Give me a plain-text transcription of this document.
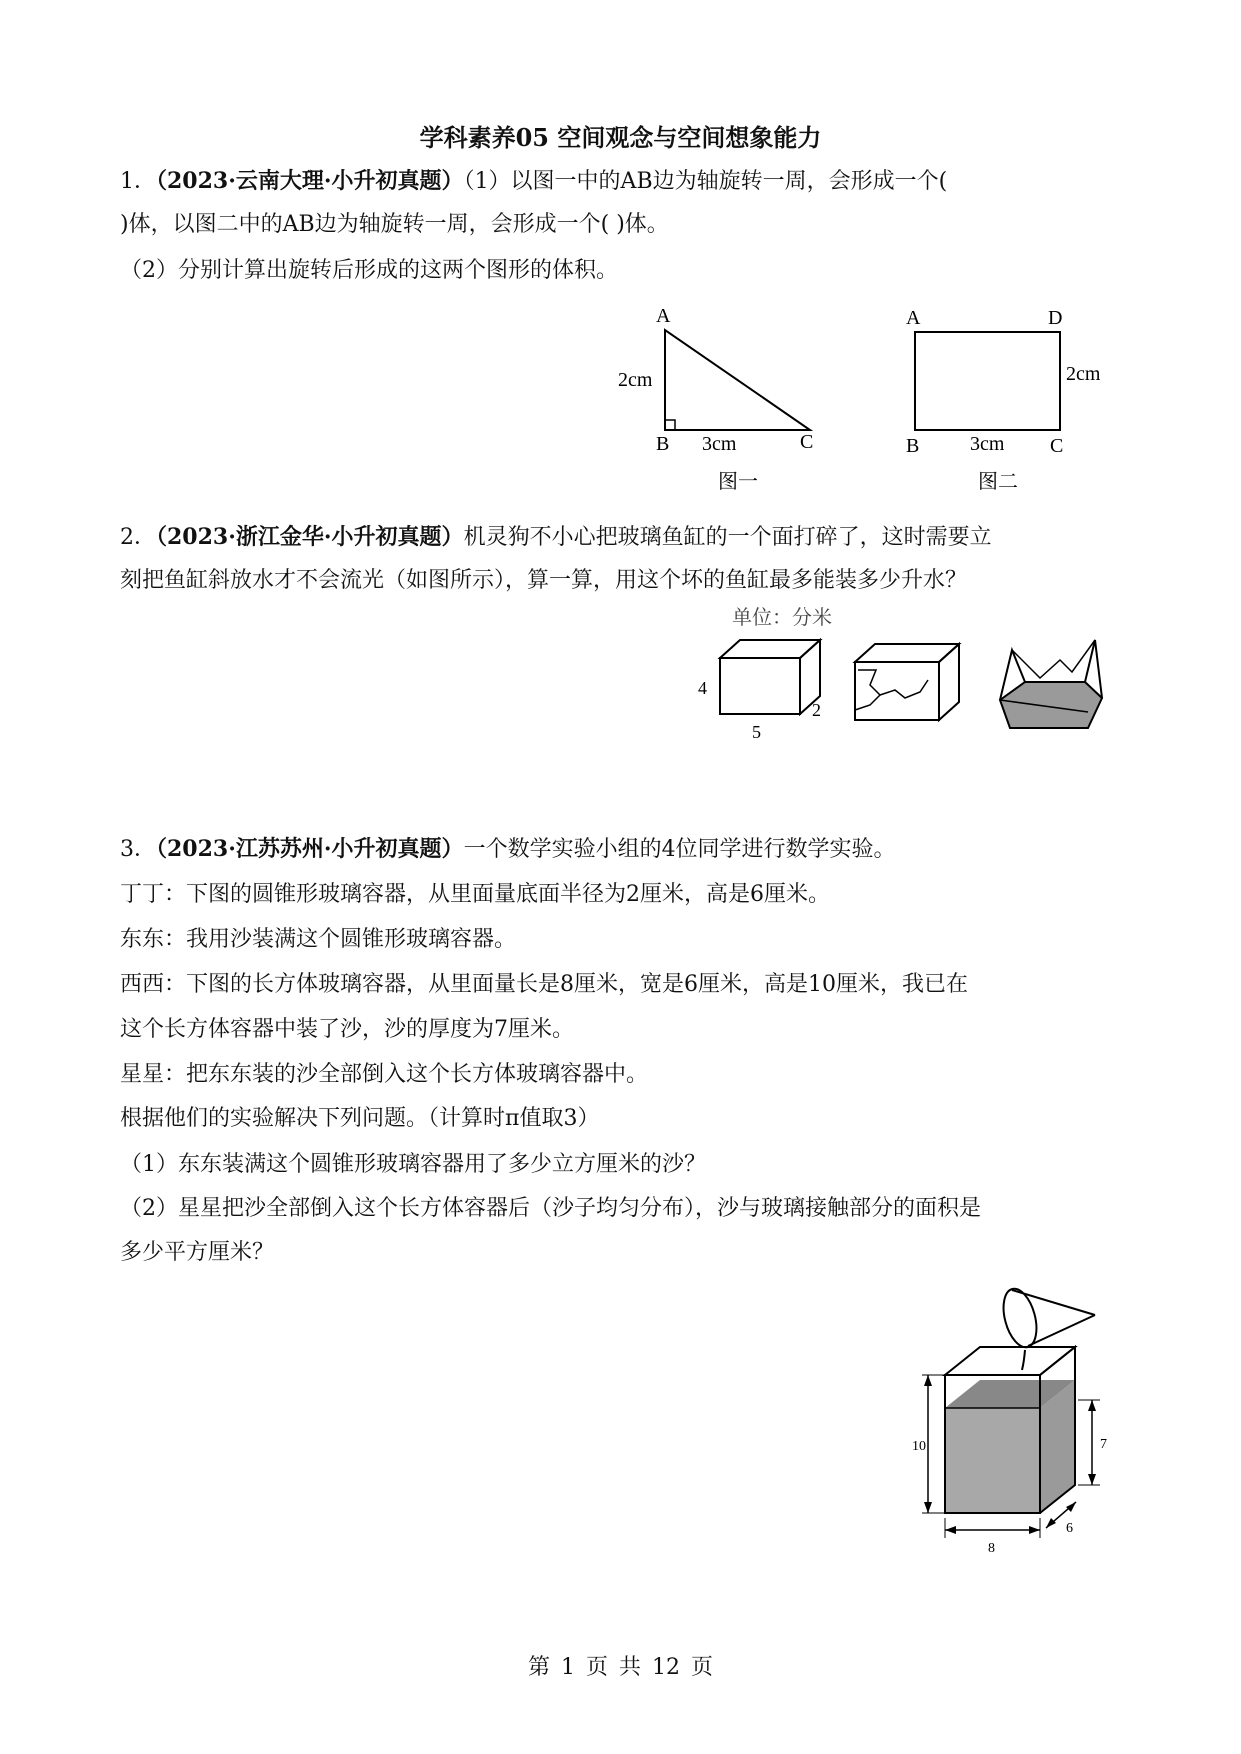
学科素养05 空间观念与空间想象能力
1．（2023·云南大理·小升初真题）（1）以图一中的AB边为轴旋转一周，会形成一个(
)体，以图二中的AB边为轴旋转一周，会形成一个( )体。
（2）分别计算出旋转后形成的这两个图形的体积。
A
B	C
2cm
3cm
图一
A	D
B	C
2cm
3cm
图二
2．（2023·浙江金华·小升初真题）机灵狗不小心把玻璃鱼缸的一个面打碎了，这时需要立
刻把鱼缸斜放水才不会流光（如图所示），算一算，用这个坏的鱼缸最多能装多少升水？
单位：分米
4
5
2
3．（2023·江苏苏州·小升初真题）一个数学实验小组的4位同学进行数学实验。
丁丁：下图的圆锥形玻璃容器，从里面量底面半径为2厘米，高是6厘米。
东东：我用沙装满这个圆锥形玻璃容器。
西西：下图的长方体玻璃容器，从里面量长是8厘米，宽是6厘米，高是10厘米，我已在
这个长方体容器中装了沙，沙的厚度为7厘米。
星星：把东东装的沙全部倒入这个长方体玻璃容器中。
根据他们的实验解决下列问题。（计算时π值取3）
（1）东东装满这个圆锥形玻璃容器用了多少立方厘米的沙？
（2）星星把沙全部倒入这个长方体容器后（沙子均匀分布），沙与玻璃接触部分的面积是
多少平方厘米？
10	7
8
6
第 1 页 共 12 页
